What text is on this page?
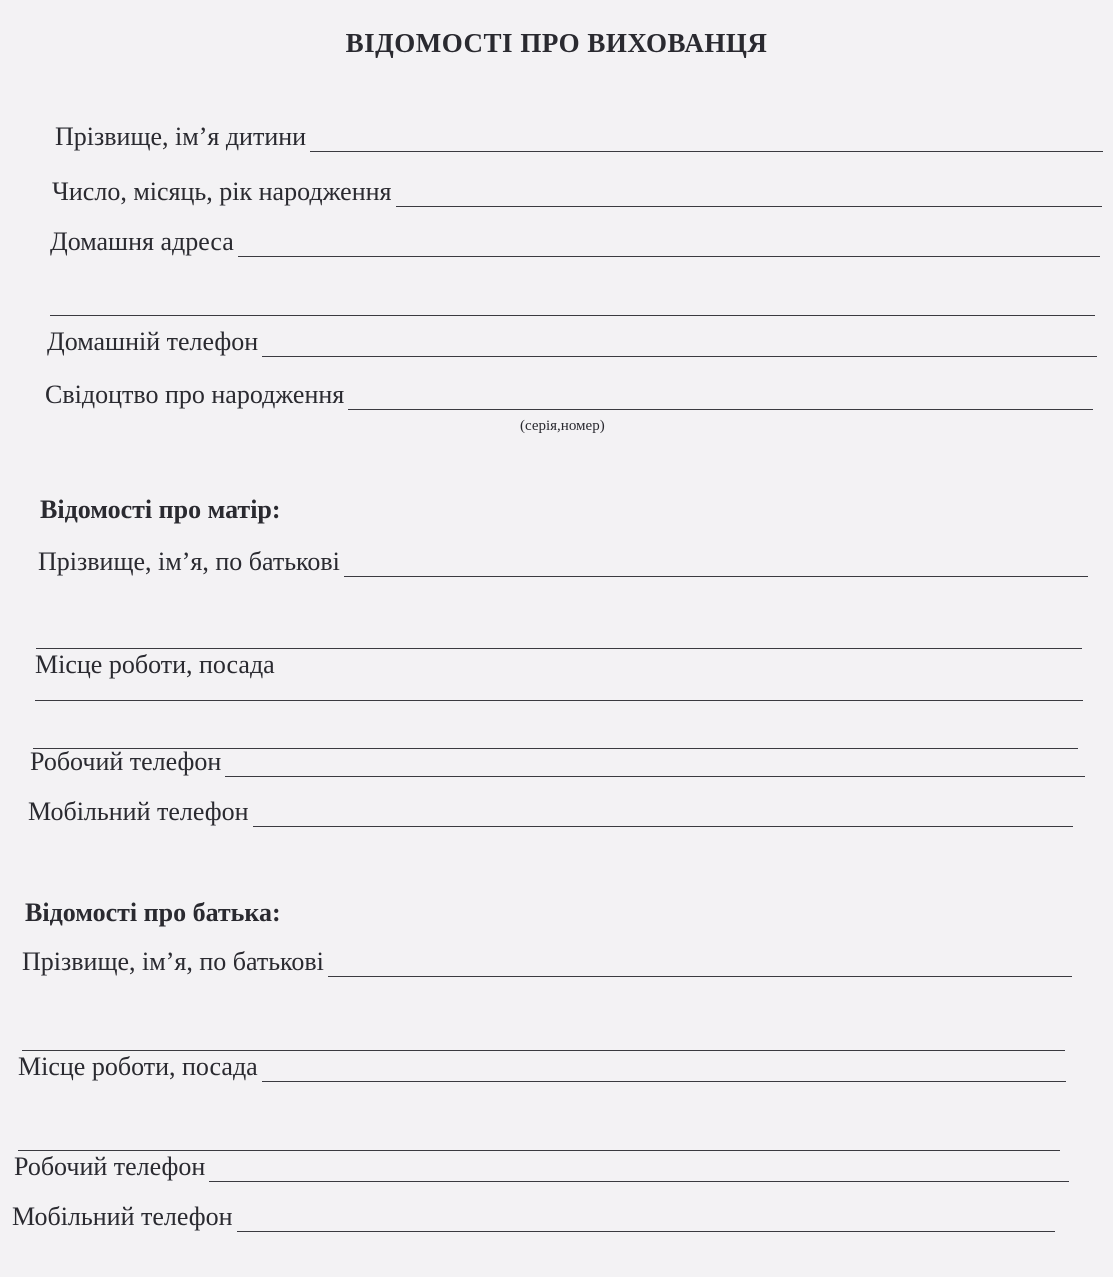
ВІДОМОСТІ ПРО ВИХОВАНЦЯ
Прізвище, ім’я дитини
Число, місяць, рік народження
Домашня адреса
Домашній телефон
Свідоцтво про народження
(серія,номер)
Відомості про матір:
Прізвище, ім’я, по батькові
Місце роботи, посада
Робочий телефон
Мобільний телефон
Відомості про батька:
Прізвище, ім’я, по батькові
Місце роботи, посада
Робочий телефон
Мобільний телефон
